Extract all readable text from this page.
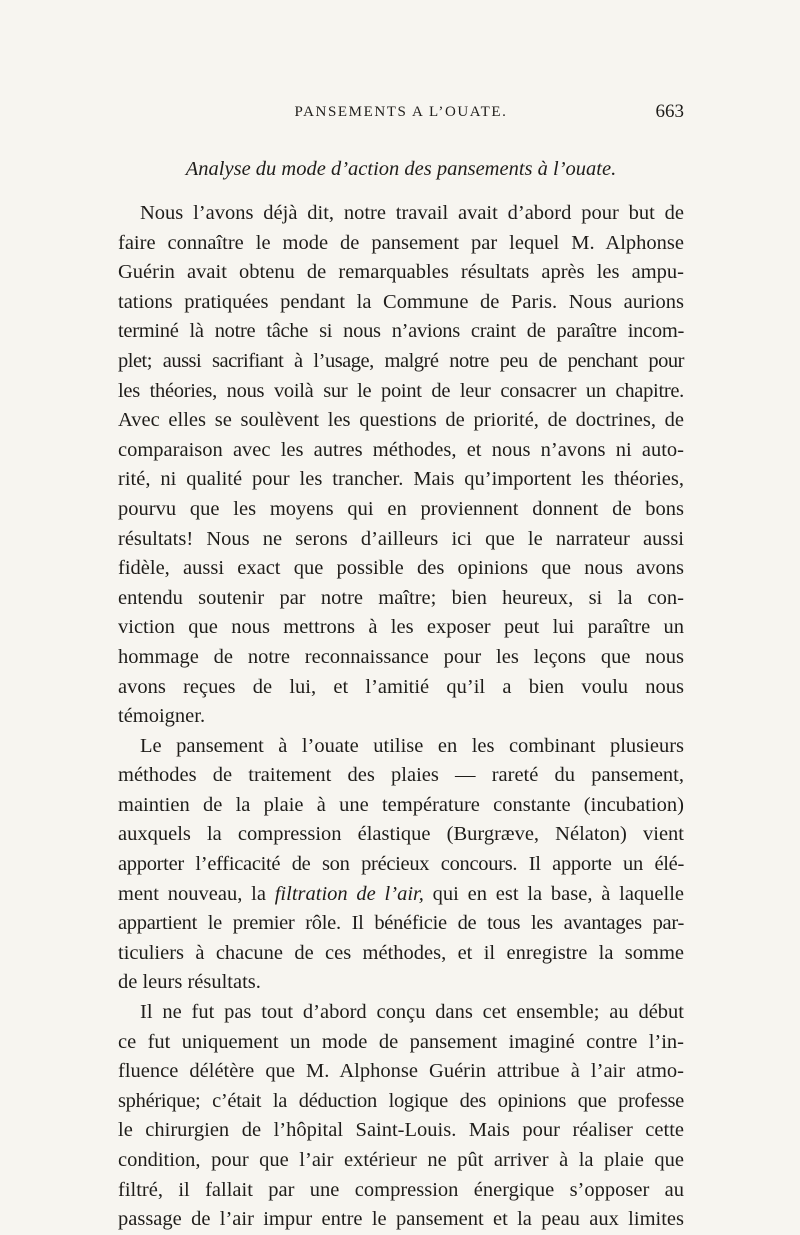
PANSEMENTS A L’OUATE.	663
Analyse du mode d’action des pansements à l’ouate.
Nous l’avons déjà dit, notre travail avait d’abord pour but de
faire connaître le mode de pansement par lequel M. Alphonse
Guérin avait obtenu de remarquables résultats après les ampu-
tations pratiquées pendant la Commune de Paris. Nous aurions
terminé là notre tâche si nous n’avions craint de paraître incom-
plet; aussi sacrifiant à l’usage, malgré notre peu de penchant pour
les théories, nous voilà sur le point de leur consacrer un chapitre.
Avec elles se soulèvent les questions de priorité, de doctrines, de
comparaison avec les autres méthodes, et nous n’avons ni auto-
rité, ni qualité pour les trancher. Mais qu’importent les théories,
pourvu que les moyens qui en proviennent donnent de bons
résultats! Nous ne serons d’ailleurs ici que le narrateur aussi
fidèle, aussi exact que possible des opinions que nous avons
entendu soutenir par notre maître; bien heureux, si la con-
viction que nous mettrons à les exposer peut lui paraître un
hommage de notre reconnaissance pour les leçons que nous
avons reçues de lui, et l’amitié qu’il a bien voulu nous
témoigner.
Le pansement à l’ouate utilise en les combinant plusieurs
méthodes de traitement des plaies — rareté du pansement,
maintien de la plaie à une température constante (incubation)
auxquels la compression élastique (Burgræve, Nélaton) vient
apporter l’efficacité de son précieux concours. Il apporte un élé-
ment nouveau, la filtration de l’air, qui en est la base, à laquelle
appartient le premier rôle. Il bénéficie de tous les avantages par-
ticuliers à chacune de ces méthodes, et il enregistre la somme
de leurs résultats.
Il ne fut pas tout d’abord conçu dans cet ensemble; au début
ce fut uniquement un mode de pansement imaginé contre l’in-
fluence délétère que M. Alphonse Guérin attribue à l’air atmo-
sphérique; c’était la déduction logique des opinions que professe
le chirurgien de l’hôpital Saint-Louis. Mais pour réaliser cette
condition, pour que l’air extérieur ne pût arriver à la plaie que
filtré, il fallait par une compression énergique s’opposer au
passage de l’air impur entre le pansement et la peau aux limites
